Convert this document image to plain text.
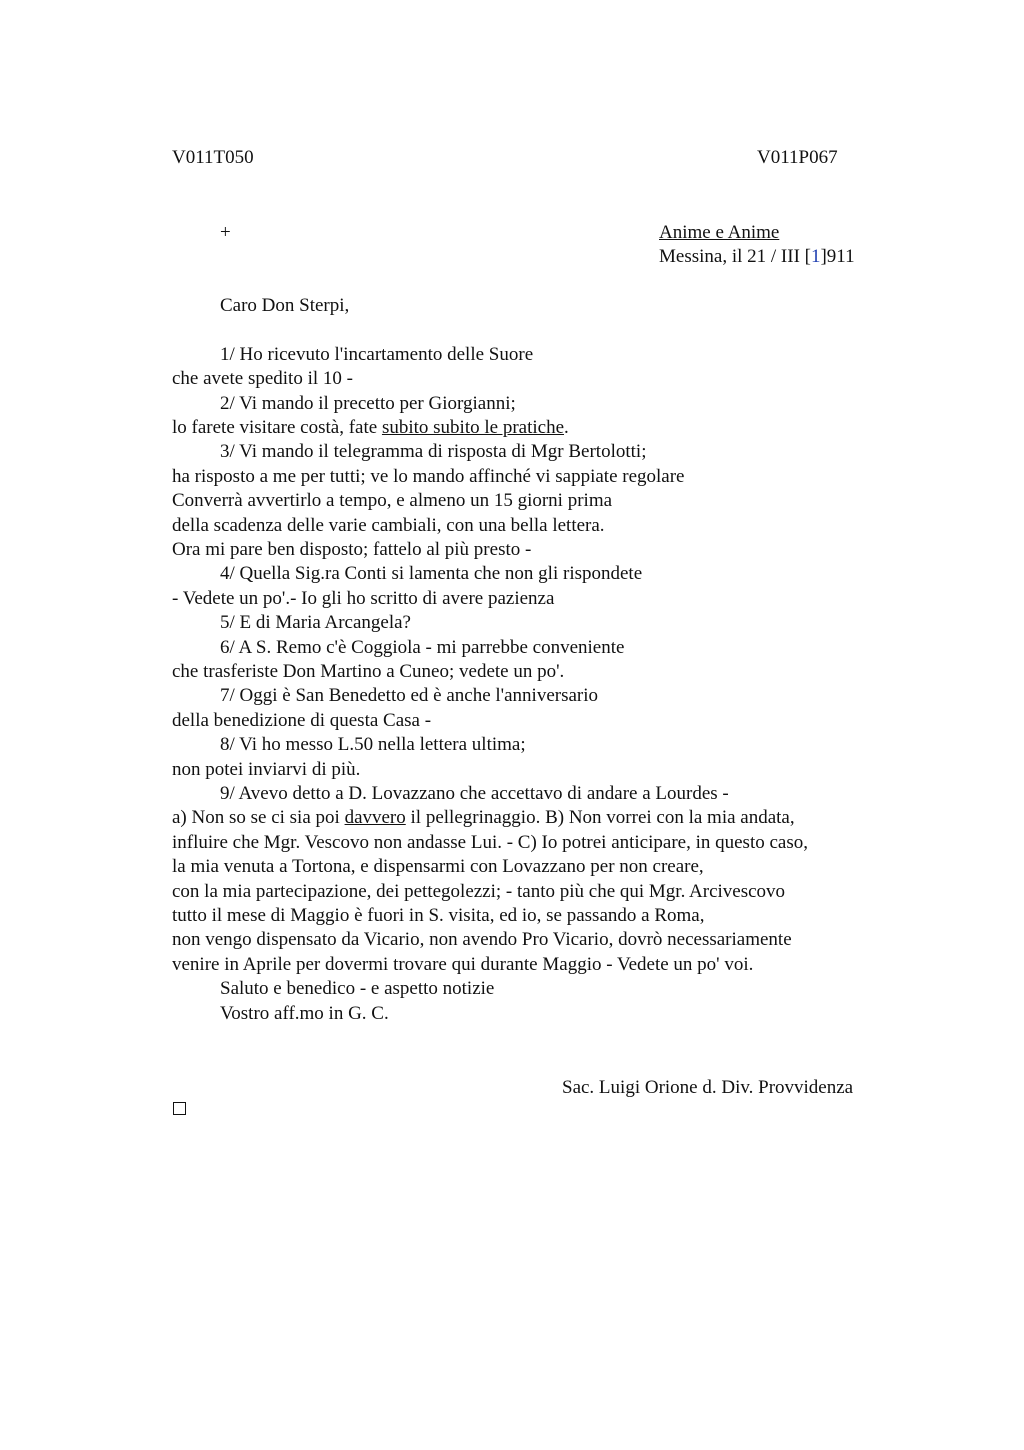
V011T050	V011P067
+	Anime e Anime
Messina, il 21 / III [1]911
Caro Don Sterpi,
1/ Ho ricevuto l'incartamento delle Suore
che avete spedito il 10 -
2/ Vi mando il precetto per Giorgianni;
lo farete visitare costà, fate subito subito le pratiche.
3/ Vi mando il telegramma di risposta di Mgr Bertolotti;
ha risposto a me per tutti; ve lo mando affinché vi sappiate regolare
Converrà avvertirlo a tempo, e almeno un 15 giorni prima
della scadenza delle varie cambiali, con una bella lettera.
Ora mi pare ben disposto; fattelo al più presto -
4/ Quella Sig.ra Conti si lamenta che non gli rispondete
- Vedete un po'.- Io gli ho scritto di avere pazienza
5/ E di Maria Arcangela?
6/ A S. Remo c'è Coggiola - mi parrebbe conveniente
che trasferiste Don Martino a Cuneo; vedete un po'.
7/ Oggi è San Benedetto ed è anche l'anniversario
della benedizione di questa Casa -
8/ Vi ho messo L.50 nella lettera ultima;
non potei inviarvi di più.
9/ Avevo detto a D. Lovazzano che accettavo di andare a Lourdes -
a) Non so se ci sia poi davvero il pellegrinaggio. B) Non vorrei con la mia andata,
influire che Mgr. Vescovo non andasse Lui. - C) Io potrei anticipare, in questo caso,
la mia venuta a Tortona, e dispensarmi con Lovazzano per non creare,
con la mia partecipazione, dei pettegolezzi; - tanto più che qui Mgr. Arcivescovo
tutto il mese di Maggio è fuori in S. visita, ed io, se passando a Roma,
non vengo dispensato da Vicario, non avendo Pro Vicario, dovrò necessariamente
venire in Aprile per dovermi trovare qui durante Maggio - Vedete un po' voi.
Saluto e benedico - e aspetto notizie
Vostro aff.mo in G. C.
Sac. Luigi Orione d. Div. Provvidenza
